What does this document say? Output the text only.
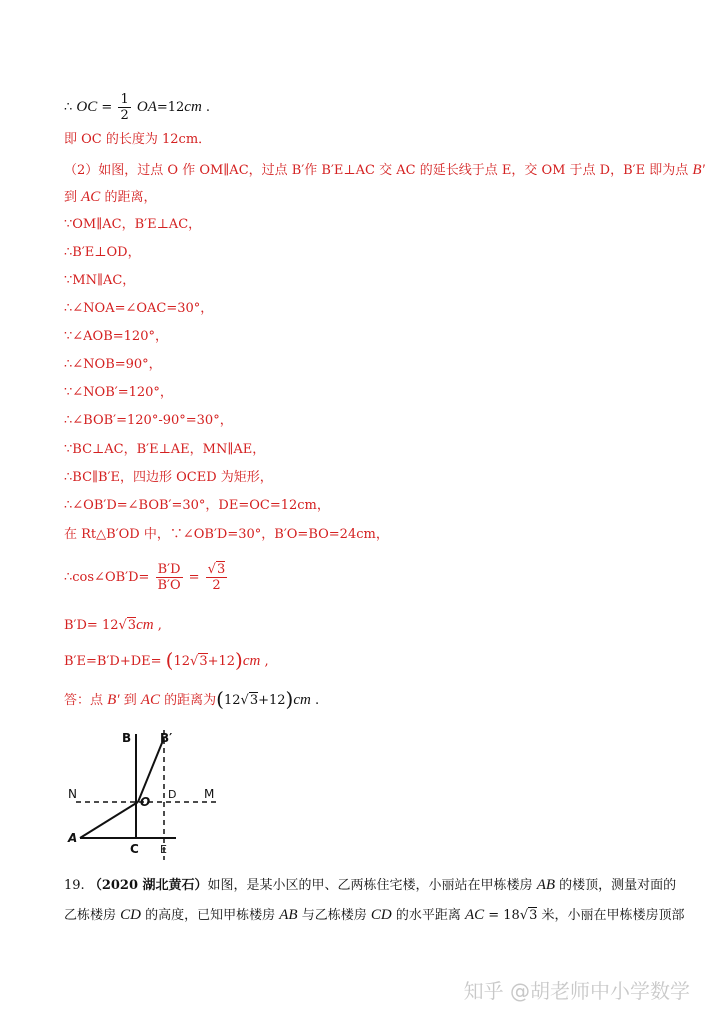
∴ OC = $\frac{1}{2} OA=12cm$ .
即 OC 的长度为 12cm．
（2）如图，过点 O 作 OM∥AC，过点 B′作 B′E⊥AC 交 AC 的延长线于点 E，交 OM 于点 D，B′E 即为点 B′
到 AC 的距离，
∵OM∥AC，B′E⊥AC，
∴B′E⊥OD，
∵MN∥AC，
∴∠NOA=∠OAC=30°，
∵∠AOB=120°，
∴∠NOB=90°，
∵∠NOB′=120°，
∴∠BOB′=120°-90°=30°，
∵BC⊥AC，B′E⊥AE，MN∥AE，
∴BC∥B′E，四边形 OCED 为矩形，
∴∠OB′D=∠BOB′=30°，DE=OC=12cm，
在 Rt△B′OD 中，∵∠OB′D=30°，B′O=BO=24cm，
∴cos∠OB′D= $\frac{B'D}{B'O} = \frac{√3}{2}$
B′D= 12√3cm ,
B′E=B′D+DE= (12√3+12)cm ,
答：点 B′ 到 AC 的距离为(12√3+12)cm .
B B′
N
O
D M
A
C E
19. （2020 湖北黄石）如图，是某小区的甲、乙两栋住宅楼，小丽站在甲栋楼房 AB 的楼顶，测量对面的
乙栋楼房 CD 的高度，已知甲栋楼房 AB 与乙栋楼房 CD 的水平距离 AC = 18√3 米，小丽在甲栋楼房顶部
知乎 @胡老师中小学数学
